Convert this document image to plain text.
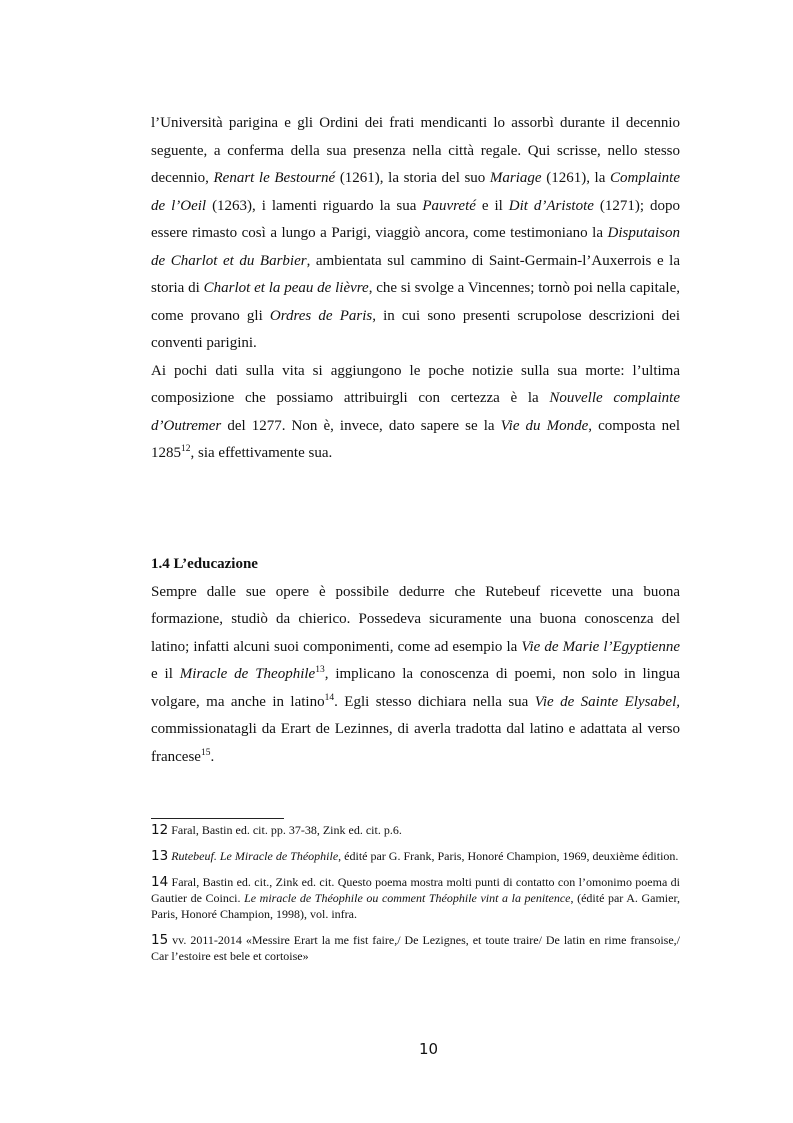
l’Università parigina e gli Ordini dei frati mendicanti lo assorbì durante il decennio seguente, a conferma della sua presenza nella città regale. Qui scrisse, nello stesso decennio, Renart le Bestourné (1261), la storia del suo Mariage (1261), la Complainte de l’Oeil (1263), i lamenti riguardo la sua Pauvreté e il Dit d’Aristote (1271); dopo essere rimasto così a lungo a Parigi, viaggiò ancora, come testimoniano la Disputaison de Charlot et du Barbier, ambientata sul cammino di Saint-Germain-l’Auxerrois e la storia di Charlot et la peau de lièvre, che si svolge a Vincennes; tornò poi nella capitale, come provano gli Ordres de Paris, in cui sono presenti scrupolose descrizioni dei conventi parigini.

Ai pochi dati sulla vita si aggiungono le poche notizie sulla sua morte: l’ultima composizione che possiamo attribuirgli con certezza è la Nouvelle complainte d’Outremer del 1277. Non è, invece, dato sapere se la Vie du Monde, composta nel 1285$^{12}$, sia effettivamente sua.

1.4 L’educazione

Sempre dalle sue opere è possibile dedurre che Rutebeuf ricevette una buona formazione, studiò da chierico. Possedeva sicuramente una buona conoscenza del latino; infatti alcuni suoi componimenti, come ad esempio la Vie de Marie l’Egyptienne e il Miracle de Theophile$^{13}$, implicano la conoscenza di poemi, non solo in lingua volgare, ma anche in latino$^{14}$. Egli stesso dichiara nella sua Vie de Sainte Elysabel, commissionatagli da Erart de Lezinnes, di averla tradotta dal latino e adattata al verso francese$^{15}$.

12 Faral, Bastin ed. cit. pp. 37-38, Zink ed. cit. p.6.

13 Rutebeuf. Le Miracle de Théophile, édité par G. Frank, Paris, Honoré Champion, 1969, deuxième édition.

14 Faral, Bastin ed. cit., Zink ed. cit. Questo poema mostra molti punti di contatto con l’omonimo poema di Gautier de Coinci. Le miracle de Théophile ou comment Théophile vint a la penitence, (édité par A. Gamier, Paris, Honoré Champion, 1998), vol. infra.

15 vv. 2011-2014 «Messire Erart la me fist faire,/ De Lezignes, et toute traire/ De latin en rime fransoise,/ Car l’estoire est bele et cortoise»

10
